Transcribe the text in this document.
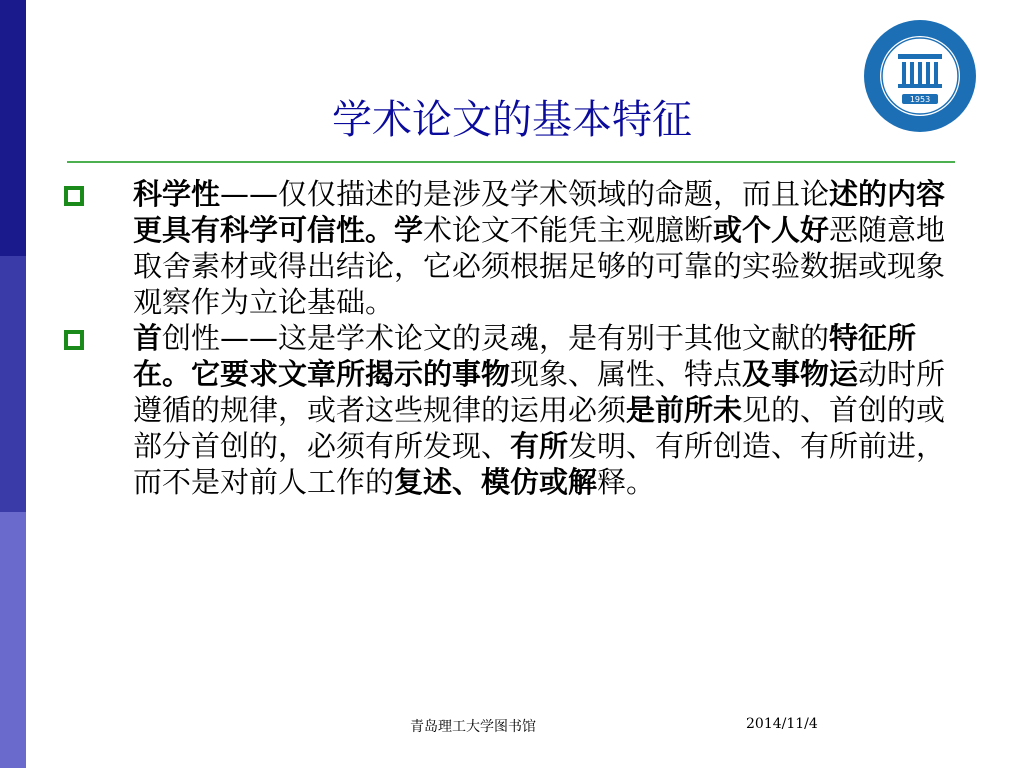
1953
学术论文的基本特征
科学性——仅仅描述的是涉及学术领域的命题，而且论述的内容更具有科学可信性。学术论文不能凭主观臆断或个人好恶随意地取舍素材或得出结论，它必须根据足够的可靠的实验数据或现象观察作为立论基础。
首创性——这是学术论文的灵魂，是有别于其他文献的特征所在。它要求文章所揭示的事物现象、属性、特点及事物运动时所遵循的规律，或者这些规律的运用必须是前所未见的、首创的或部分首创的，必须有所发现、有所发明、有所创造、有所前进，而不是对前人工作的复述、模仿或解释。
青岛理工大学图书馆	2014/11/4
